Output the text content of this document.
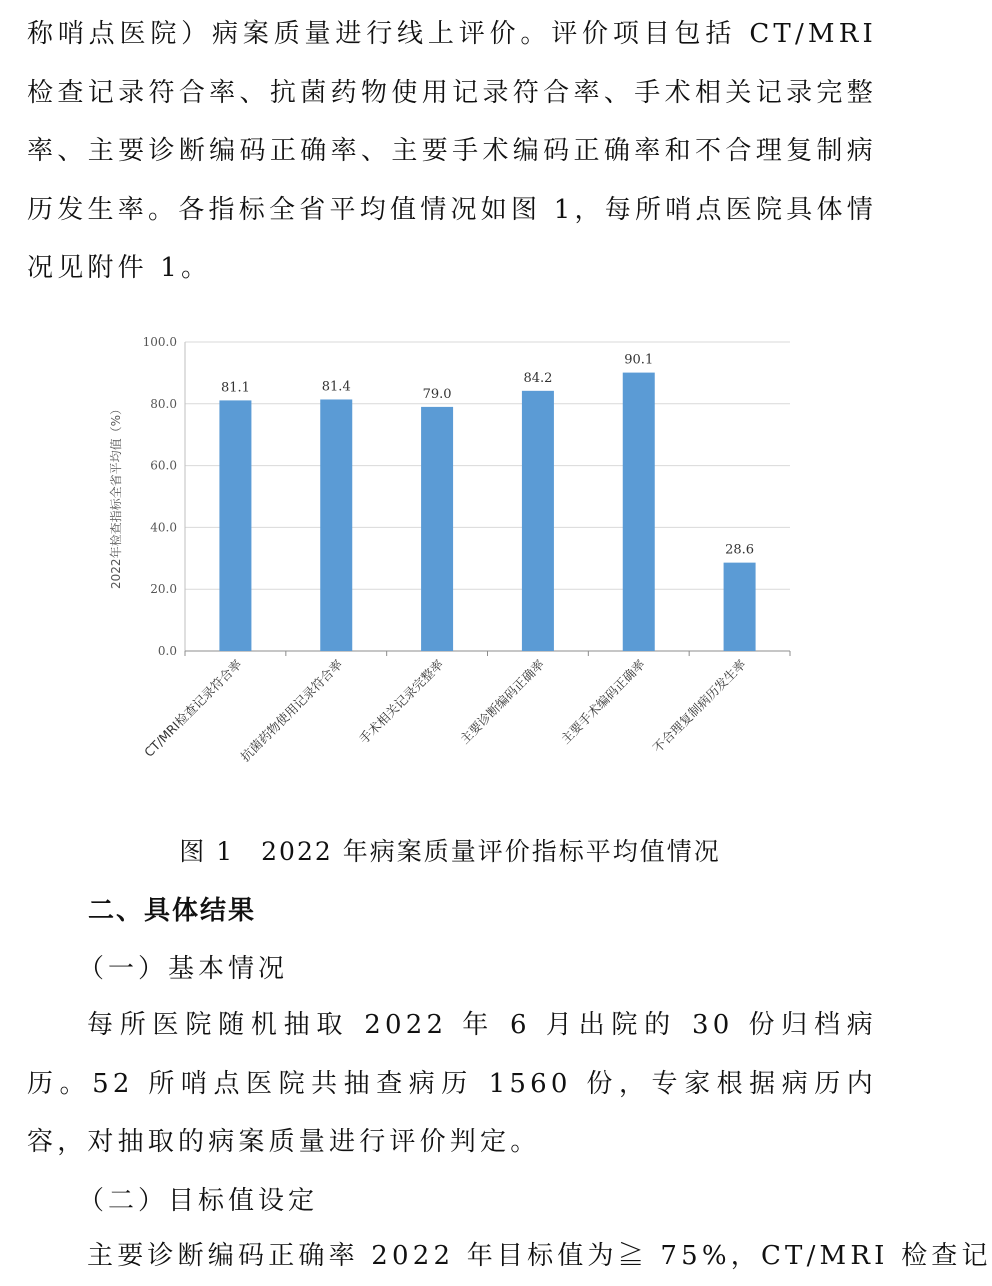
称哨点医院）病案质量进行线上评价。评价项目包括 CT/MRI 检查记录符合率、抗菌药物使用记录符合率、手术相关记录完整率、主要诊断编码正确率、主要手术编码正确率和不合理复制病历发生率。各指标全省平均值情况如图 1，每所哨点医院具体情况见附件 1。

0.0
20.0
40.0
60.0
80.0
100.0
81.1
CT/MRI检查记录符合率
81.4
抗菌药物使用记录符合率
79.0
手术相关记录完整率
84.2
主要诊断编码正确率
90.1
主要手术编码正确率
28.6
不合理复制病历发生率
2022年检查指标全省平均值（%）

图 1　2022 年病案质量评价指标平均值情况

二、具体结果

（一）基本情况

每所医院随机抽取 2022 年 6 月出院的 30 份归档病历。52 所哨点医院共抽查病历 1560 份，专家根据病历内容，对抽取的病案质量进行评价判定。

（二）目标值设定

主要诊断编码正确率 2022 年目标值为≧ 75%，CT/MRI 检查记
